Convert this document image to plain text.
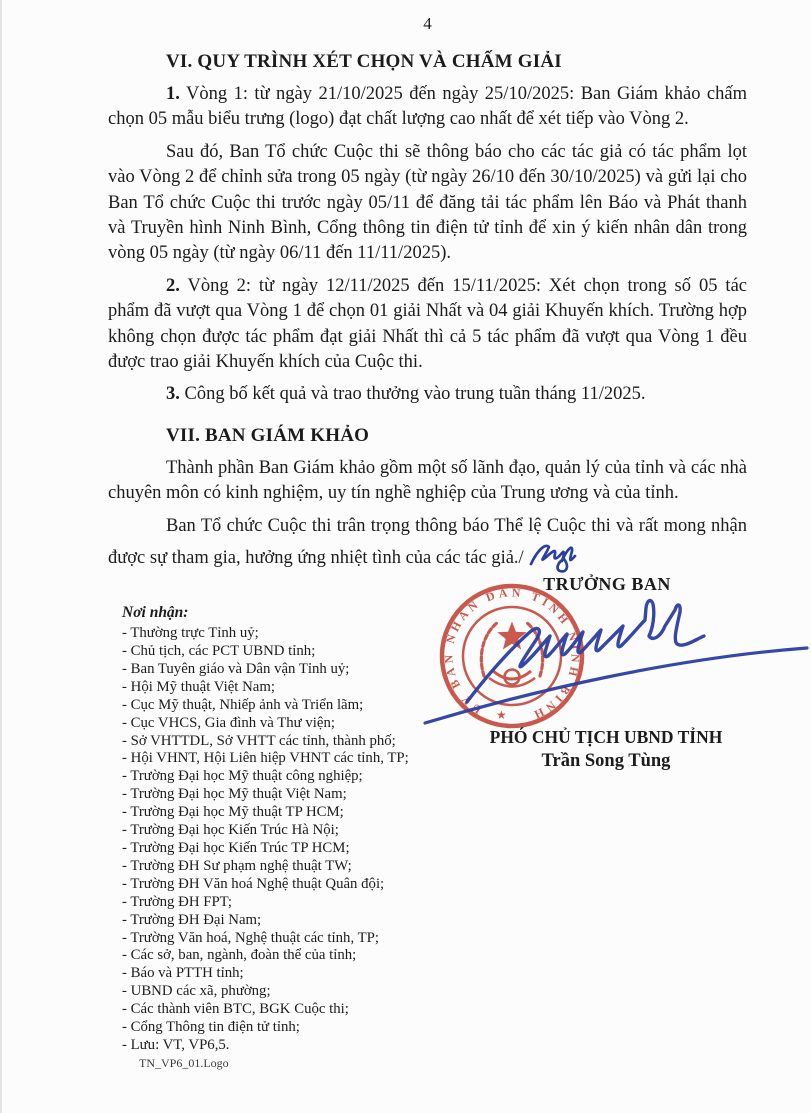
4
VI. QUY TRÌNH XÉT CHỌN VÀ CHẤM GIẢI

1. Vòng 1: từ ngày 21/10/2025 đến ngày 25/10/2025: Ban Giám khảo chấm chọn 05 mẫu biểu trưng (logo) đạt chất lượng cao nhất để xét tiếp vào Vòng 2.

Sau đó, Ban Tổ chức Cuộc thi sẽ thông báo cho các tác giả có tác phẩm lọt vào Vòng 2 để chỉnh sửa trong 05 ngày (từ ngày 26/10 đến 30/10/2025) và gửi lại cho Ban Tổ chức Cuộc thi trước ngày 05/11 để đăng tải tác phẩm lên Báo và Phát thanh và Truyền hình Ninh Bình, Cổng thông tin điện tử tỉnh để xin ý kiến nhân dân trong vòng 05 ngày (từ ngày 06/11 đến 11/11/2025).

2. Vòng 2: từ ngày 12/11/2025 đến 15/11/2025: Xét chọn trong số 05 tác phẩm đã vượt qua Vòng 1 để chọn 01 giải Nhất và 04 giải Khuyến khích. Trường hợp không chọn được tác phẩm đạt giải Nhất thì cả 5 tác phẩm đã vượt qua Vòng 1 đều được trao giải Khuyến khích của Cuộc thi.

3. Công bố kết quả và trao thưởng vào trung tuần tháng 11/2025.

VII. BAN GIÁM KHẢO

Thành phần Ban Giám khảo gồm một số lãnh đạo, quản lý của tỉnh và các nhà chuyên môn có kinh nghiệm, uy tín nghề nghiệp của Trung ương và của tỉnh.

Ban Tổ chức Cuộc thi trân trọng thông báo Thể lệ Cuộc thi và rất mong nhận được sự tham gia, hưởng ứng nhiệt tình của các tác giả./

Nơi nhận:
- Thường trực Tỉnh uỷ;
- Chủ tịch, các PCT UBND tỉnh;
- Ban Tuyên giáo và Dân vận Tỉnh uỷ;
- Hội Mỹ thuật Việt Nam;
- Cục Mỹ thuật, Nhiếp ảnh và Triển lãm;
- Cục VHCS, Gia đình và Thư viện;
- Sở VHTTDL, Sở VHTT các tỉnh, thành phố;
- Hội VHNT, Hội Liên hiệp VHNT các tỉnh, TP;
- Trường Đại học Mỹ thuật công nghiệp;
- Trường Đại học Mỹ thuật Việt Nam;
- Trường Đại học Mỹ thuật TP HCM;
- Trường Đại học Kiến Trúc Hà Nội;
- Trường Đại học Kiến Trúc TP HCM;
- Trường ĐH Sư phạm nghệ thuật TW;
- Trường ĐH Văn hoá Nghệ thuật Quân đội;
- Trường ĐH FPT;
- Trường ĐH Đại Nam;
- Trường Văn hoá, Nghệ thuật các tỉnh, TP;
- Các sở, ban, ngành, đoàn thể của tỉnh;
- Báo và PTTH tỉnh;
- UBND các xã, phường;
- Các thành viên BTC, BGK Cuộc thi;
- Cổng Thông tin điện tử tỉnh;
- Lưu: VT, VP6,5.
TN_VP6_01.Logo
TRƯỞNG BAN
ỦY BAN NHÂN DÂN TỈNH NINH BÌNH
★
PHÓ CHỦ TỊCH UBND TỈNH
Trần Song Tùng
